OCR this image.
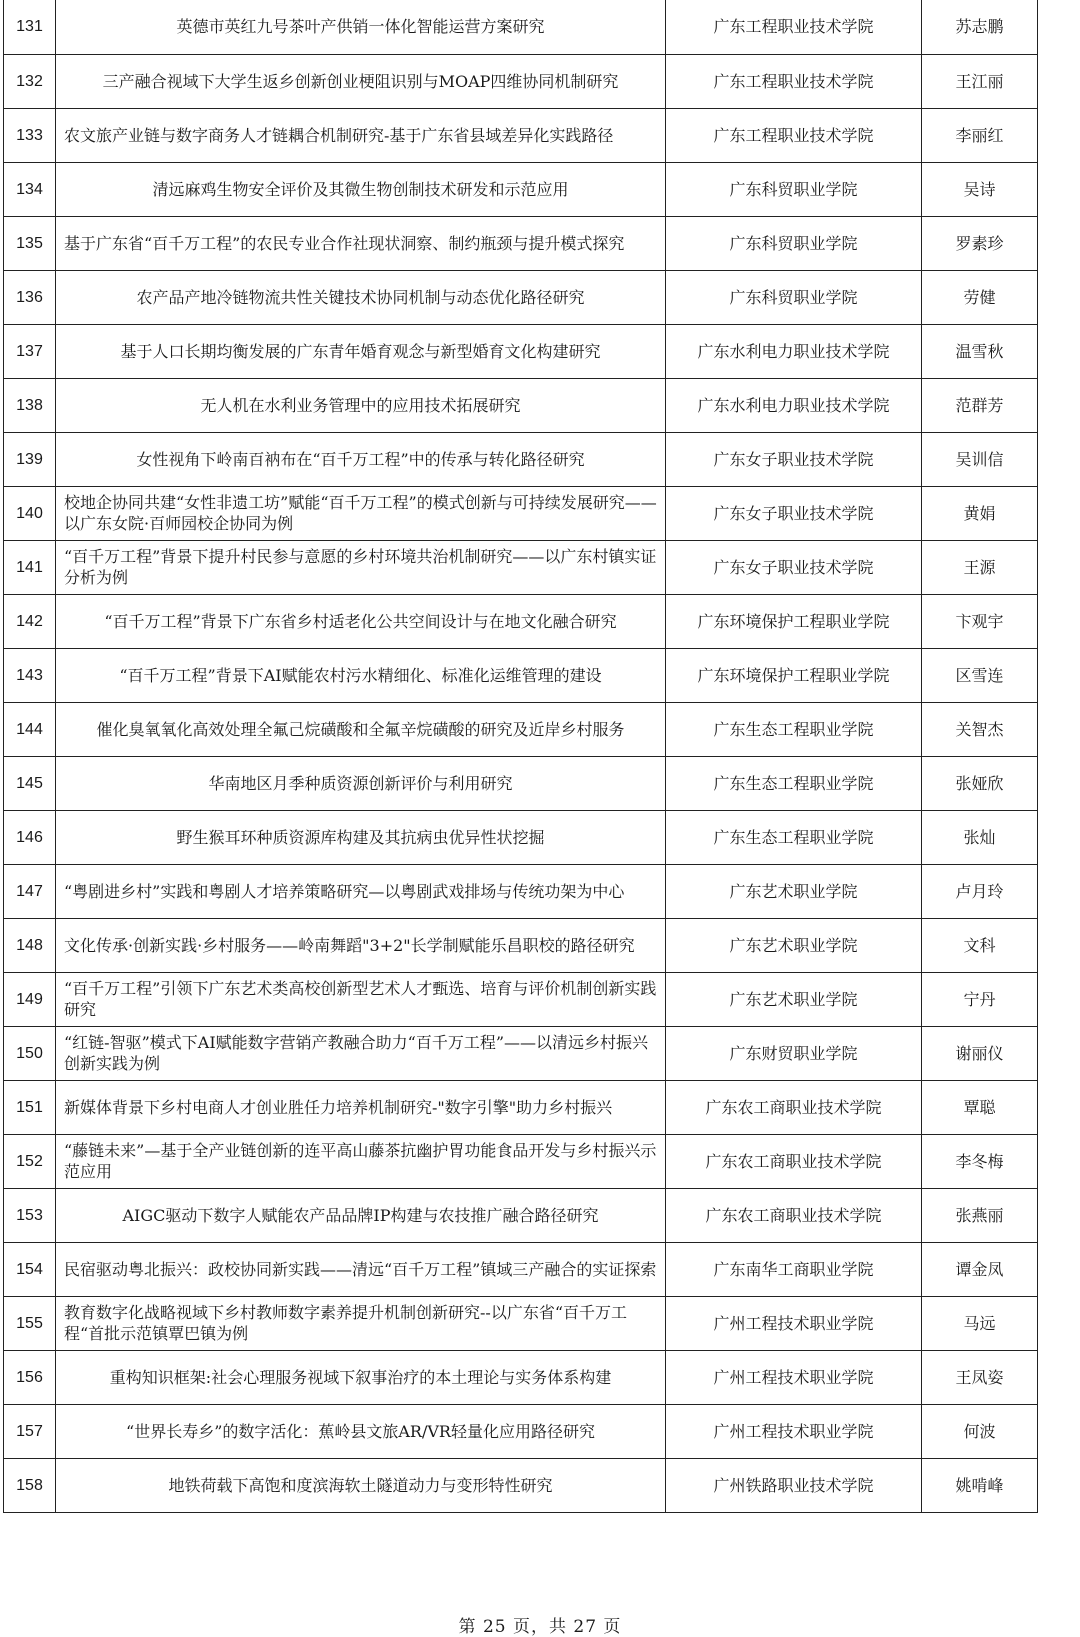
131	英德市英红九号茶叶产供销一体化智能运营方案研究	广东工程职业技术学院	苏志鹏
132	三产融合视域下大学生返乡创新创业梗阻识别与MOAP四维协同机制研究	广东工程职业技术学院	王江丽
133	农文旅产业链与数字商务人才链耦合机制研究-基于广东省县域差异化实践路径	广东工程职业技术学院	李丽红
134	清远麻鸡生物安全评价及其微生物创制技术研发和示范应用	广东科贸职业学院	吴诗
135	基于广东省“百千万工程”的农民专业合作社现状洞察、制约瓶颈与提升模式探究	广东科贸职业学院	罗素珍
136	农产品产地冷链物流共性关键技术协同机制与动态优化路径研究	广东科贸职业学院	劳健
137	基于人口长期均衡发展的广东青年婚育观念与新型婚育文化构建研究	广东水利电力职业技术学院	温雪秋
138	无人机在水利业务管理中的应用技术拓展研究	广东水利电力职业技术学院	范群芳
139	女性视角下岭南百衲布在“百千万工程”中的传承与转化路径研究	广东女子职业技术学院	吴训信
140	校地企协同共建“女性非遗工坊”赋能“百千万工程”的模式创新与可持续发展研究——以广东女院·百师园校企协同为例	广东女子职业技术学院	黄娟
141	“百千万工程”背景下提升村民参与意愿的乡村环境共治机制研究——以广东村镇实证分析为例	广东女子职业技术学院	王源
142	“百千万工程”背景下广东省乡村适老化公共空间设计与在地文化融合研究	广东环境保护工程职业学院	卞观宇
143	“百千万工程”背景下AI赋能农村污水精细化、标准化运维管理的建设	广东环境保护工程职业学院	区雪连
144	催化臭氧氧化高效处理全氟己烷磺酸和全氟辛烷磺酸的研究及近岸乡村服务	广东生态工程职业学院	关智杰
145	华南地区月季种质资源创新评价与利用研究	广东生态工程职业学院	张娅欣
146	野生猴耳环种质资源库构建及其抗病虫优异性状挖掘	广东生态工程职业学院	张灿
147	“粤剧进乡村”实践和粤剧人才培养策略研究—以粤剧武戏排场与传统功架为中心	广东艺术职业学院	卢月玲
148	文化传承·创新实践·乡村服务——岭南舞蹈"3+2"长学制赋能乐昌职校的路径研究	广东艺术职业学院	文科
149	“百千万工程”引领下广东艺术类高校创新型艺术人才甄选、培育与评价机制创新实践研究	广东艺术职业学院	宁丹
150	“红链-智驱”模式下AI赋能数字营销产教融合助力“百千万工程”——以清远乡村振兴创新实践为例	广东财贸职业学院	谢丽仪
151	新媒体背景下乡村电商人才创业胜任力培养机制研究-"数字引擎"助力乡村振兴	广东农工商职业技术学院	覃聪
152	“藤链未来”—基于全产业链创新的连平高山藤茶抗幽护胃功能食品开发与乡村振兴示范应用	广东农工商职业技术学院	李冬梅
153	AIGC驱动下数字人赋能农产品品牌IP构建与农技推广融合路径研究	广东农工商职业技术学院	张燕丽
154	民宿驱动粤北振兴：政校协同新实践——清远“百千万工程”镇域三产融合的实证探索	广东南华工商职业学院	谭金凤
155	教育数字化战略视域下乡村教师数字素养提升机制创新研究--以广东省“百千万工程“首批示范镇覃巴镇为例	广州工程技术职业学院	马远
156	重构知识框架:社会心理服务视域下叙事治疗的本土理论与实务体系构建	广州工程技术职业学院	王凤姿
157	“世界长寿乡”的数字活化：蕉岭县文旅AR/VR轻量化应用路径研究	广州工程技术职业学院	何波
158	地铁荷载下高饱和度滨海软土隧道动力与变形特性研究	广州铁路职业技术学院	姚啃峰
第 25 页，共 27 页
